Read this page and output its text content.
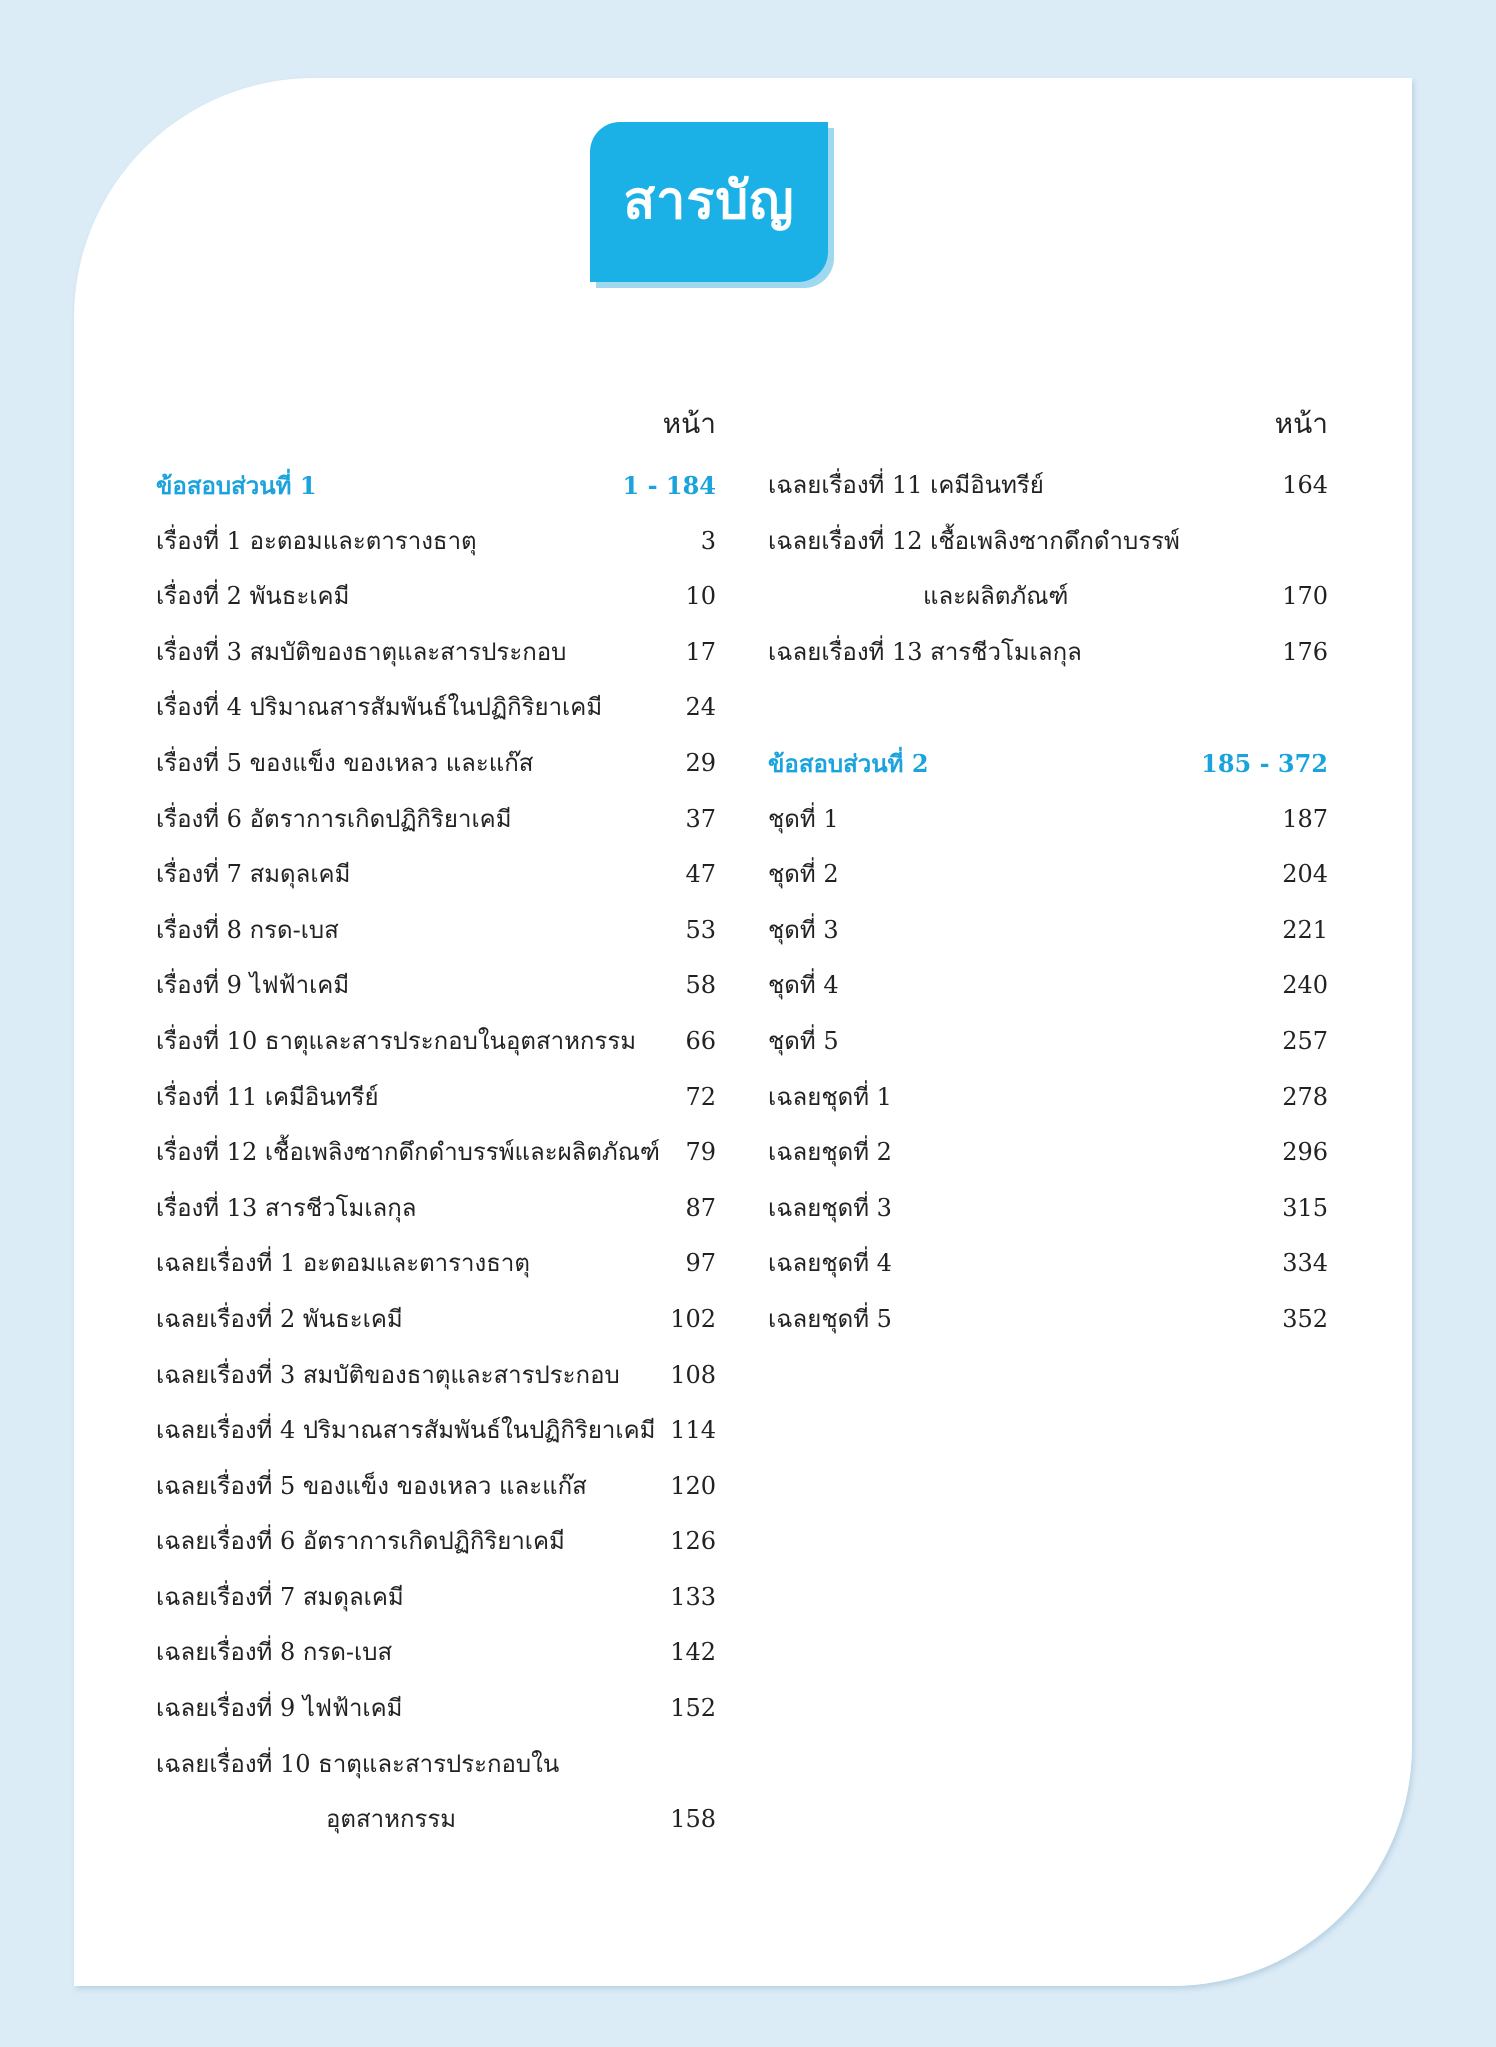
สารบัญ
หน้า
ข้อสอบส่วนที่ 1	1 - 184
เรื่องที่ 1 อะตอมและตารางธาตุ	3
เรื่องที่ 2 พันธะเคมี	10
เรื่องที่ 3 สมบัติของธาตุและสารประกอบ	17
เรื่องที่ 4 ปริมาณสารสัมพันธ์ในปฏิกิริยาเคมี	24
เรื่องที่ 5 ของแข็ง ของเหลว และแก๊ส	29
เรื่องที่ 6 อัตราการเกิดปฏิกิริยาเคมี	37
เรื่องที่ 7 สมดุลเคมี	47
เรื่องที่ 8 กรด-เบส	53
เรื่องที่ 9 ไฟฟ้าเคมี	58
เรื่องที่ 10 ธาตุและสารประกอบในอุตสาหกรรม	66
เรื่องที่ 11 เคมีอินทรีย์	72
เรื่องที่ 12 เชื้อเพลิงซากดึกดำบรรพ์และผลิตภัณฑ์	79
เรื่องที่ 13 สารชีวโมเลกุล	87
เฉลยเรื่องที่ 1 อะตอมและตารางธาตุ	97
เฉลยเรื่องที่ 2 พันธะเคมี	102
เฉลยเรื่องที่ 3 สมบัติของธาตุและสารประกอบ	108
เฉลยเรื่องที่ 4 ปริมาณสารสัมพันธ์ในปฏิกิริยาเคมี 114
เฉลยเรื่องที่ 5 ของแข็ง ของเหลว และแก๊ส	120
เฉลยเรื่องที่ 6 อัตราการเกิดปฏิกิริยาเคมี	126
เฉลยเรื่องที่ 7 สมดุลเคมี	133
เฉลยเรื่องที่ 8 กรด-เบส	142
เฉลยเรื่องที่ 9 ไฟฟ้าเคมี	152
เฉลยเรื่องที่ 10 ธาตุและสารประกอบใน
อุตสาหกรรม	158
หน้า
เฉลยเรื่องที่ 11 เคมีอินทรีย์	164
เฉลยเรื่องที่ 12 เชื้อเพลิงซากดึกดำบรรพ์
และผลิตภัณฑ์	170
เฉลยเรื่องที่ 13 สารชีวโมเลกุล	176
ข้อสอบส่วนที่ 2	185 - 372
ชุดที่ 1	187
ชุดที่ 2	204
ชุดที่ 3	221
ชุดที่ 4	240
ชุดที่ 5	257
เฉลยชุดที่ 1	278
เฉลยชุดที่ 2	296
เฉลยชุดที่ 3	315
เฉลยชุดที่ 4	334
เฉลยชุดที่ 5	352
